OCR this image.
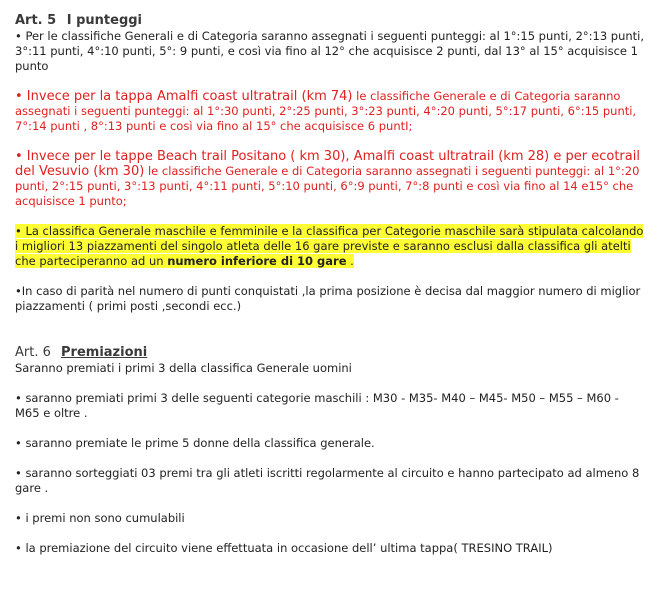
Art. 5 I punteggi

• Per le classifiche Generali e di Categoria saranno assegnati i seguenti punteggi: al 1°:15 punti, 2°:13 punti, 3°:11 punti, 4°:10 punti, 5°: 9 punti, e così via fino al 12° che acquisisce 2 punti, dal 13° al 15° acquisisce 1 punto

• Invece per la tappa Amalfi coast ultratrail (km 74) le classifiche Generale e di Categoria saranno assegnati i seguenti punteggi: al 1°:30 punti, 2°:25 punti, 3°:23 punti, 4°:20 punti, 5°:17 punti, 6°:15 punti, 7°:14 punti , 8°:13 punti e così via fino al 15° che acquisisce 6 puntI;

• Invece per le tappe Beach trail Positano ( km 30), Amalfi coast ultratrail (km 28) e per ecotrail del Vesuvio (km 30) le classifiche Generale e di Categoria saranno assegnati i seguenti punteggi: al 1°:20 punti, 2°:15 punti, 3°:13 punti, 4°:11 punti, 5°:10 punti, 6°:9 punti, 7°:8 punti e così via fino al 14 e15° che acquisisce 1 punto;

• La classifica Generale maschile e femminile e la classifica per Categorie maschile sarà stipulata calcolando i migliori 13 piazzamenti del singolo atleta delle 16 gare previste e saranno esclusi dalla classifica gli atelti che parteciperanno ad un numero inferiore di 10 gare .

•In caso di parità nel numero di punti conquistati ,la prima posizione è decisa dal maggior numero di miglior piazzamenti ( primi posti ,secondi ecc.)

Art. 6 Premiazioni

Saranno premiati i primi 3 della classifica Generale uomini

• saranno premiati primi 3 delle seguenti categorie maschili : M30 - M35- M40 – M45- M50 – M55 – M60 - M65 e oltre .

• saranno premiate le prime 5 donne della classifica generale.

• saranno sorteggiati 03 premi tra gli atleti iscritti regolarmente al circuito e hanno partecipato ad almeno 8 gare .

• i premi non sono cumulabili

• la premiazione del circuito viene effettuata in occasione dell’ ultima tappa( TRESINO TRAIL)
